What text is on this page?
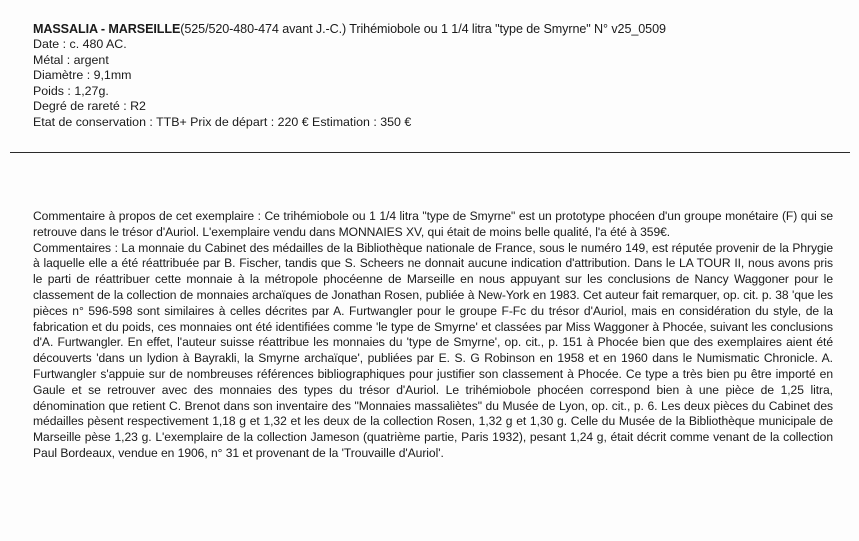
MASSALIA - MARSEILLE(525/520-480-474 avant J.-C.) Trihémiobole ou 1 1/4 litra "type de Smyrne" N° v25_0509
Date : c. 480 AC.
Métal : argent
Diamètre : 9,1mm
Poids : 1,27g.
Degré de rareté : R2
Etat de conservation : TTB+ Prix de départ : 220 € Estimation : 350 €

Commentaire à propos de cet exemplaire : Ce trihémiobole ou 1 1/4 litra "type de Smyrne" est un prototype phocéen d'un groupe monétaire (F) qui se retrouve dans le trésor d'Auriol. L'exemplaire vendu dans MONNAIES XV, qui était de moins belle qualité, l'a été à 359€.

Commentaires : La monnaie du Cabinet des médailles de la Bibliothèque nationale de France, sous le numéro 149, est réputée provenir de la Phrygie à laquelle elle a été réattribuée par B. Fischer, tandis que S. Scheers ne donnait aucune indication d'attribution. Dans le LA TOUR II, nous avons pris le parti de réattribuer cette monnaie à la métropole phocéenne de Marseille en nous appuyant sur les conclusions de Nancy Waggoner pour le classement de la collection de monnaies archaïques de Jonathan Rosen, publiée à New-York en 1983. Cet auteur fait remarquer, op. cit. p. 38 'que les pièces n° 596-598 sont similaires à celles décrites par A. Furtwangler pour le groupe F-Fc du trésor d'Auriol, mais en considération du style, de la fabrication et du poids, ces monnaies ont été identifiées comme 'le type de Smyrne' et classées par Miss Waggoner à Phocée, suivant les conclusions d'A. Furtwangler. En effet, l'auteur suisse réattribue les monnaies du 'type de Smyrne', op. cit., p. 151 à Phocée bien que des exemplaires aient été découverts 'dans un lydion à Bayrakli, la Smyrne archaïque', publiées par E. S. G Robinson en 1958 et en 1960 dans le Numismatic Chronicle. A. Furtwangler s'appuie sur de nombreuses références bibliographiques pour justifier son classement à Phocée. Ce type a très bien pu être importé en Gaule et se retrouver avec des monnaies des types du trésor d'Auriol. Le trihémiobole phocéen correspond bien à une pièce de 1,25 litra, dénomination que retient C. Brenot dans son inventaire des "Monnaies massaliètes" du Musée de Lyon, op. cit., p. 6. Les deux pièces du Cabinet des médailles pèsent respectivement 1,18 g et 1,32 et les deux de la collection Rosen, 1,32 g et 1,30 g. Celle du Musée de la Bibliothèque municipale de Marseille pèse 1,23 g. L'exemplaire de la collection Jameson (quatrième partie, Paris 1932), pesant 1,24 g, était décrit comme venant de la collection Paul Bordeaux, vendue en 1906, n° 31 et provenant de la 'Trouvaille d'Auriol'.
